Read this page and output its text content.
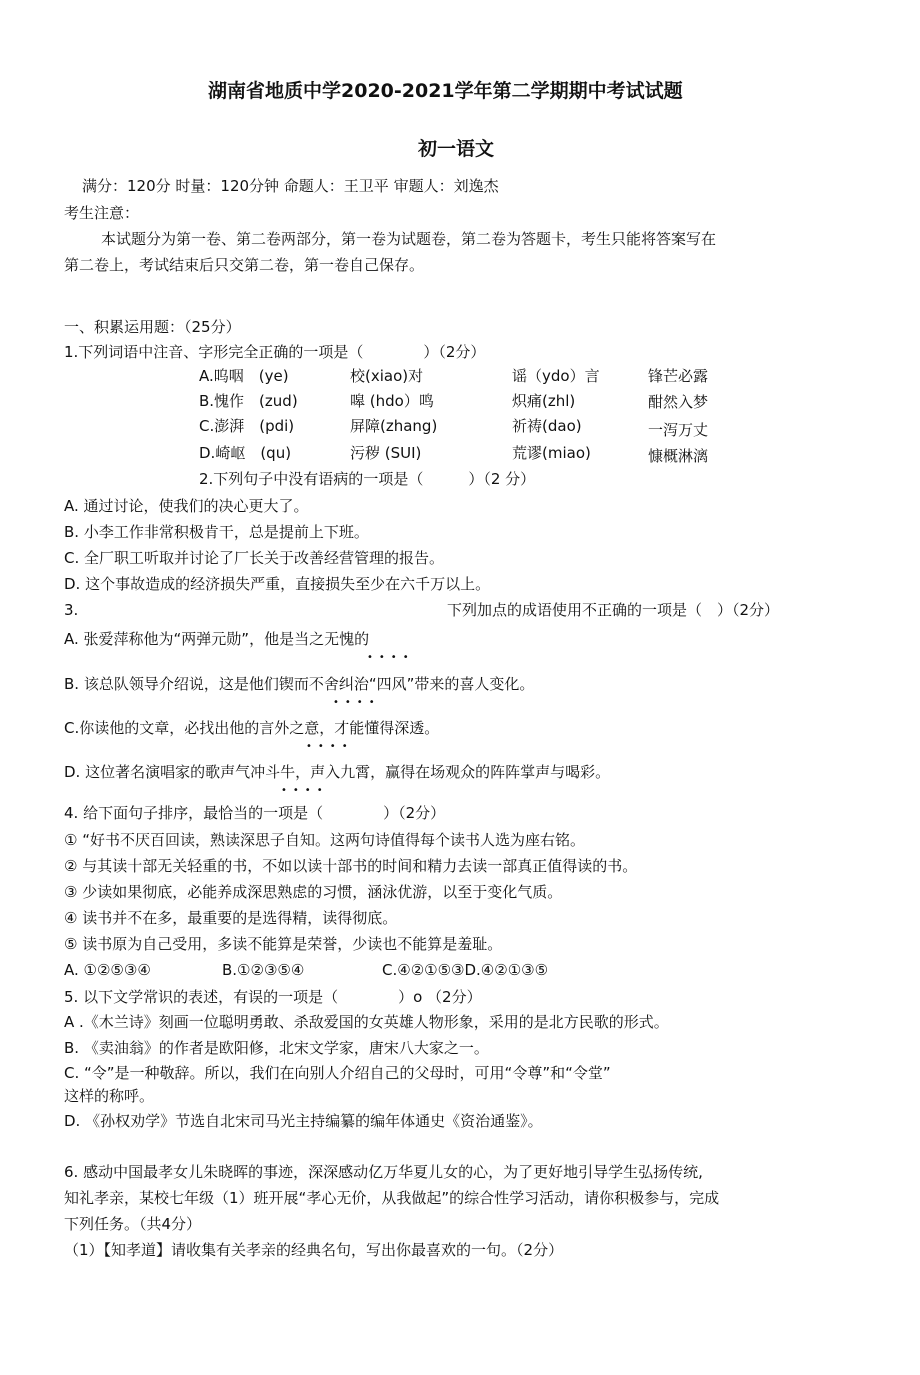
湖南省地质中学2020-2021学年第二学期期中考试试题
初一语文
满分：120分 时量：120分钟 命题人：王卫平 审题人：刘逸杰
考生注意：
本试题分为第一卷、第二卷两部分，第一卷为试题卷，第二卷为答题卡，考生只能将答案写在
第二卷上，考试结束后只交第二卷，第一卷自己保存。
一、积累运用题：（25分）
1.下列词语中注音、字形完全正确的一项是（　　　　）（2分）
A.呜咽　(ye)	校(xiao)对	谣（ydo）言	锋芒必露
B.愧作　(zud)	嗥 (hdo）鸣	炽痛(zhl)	酣然入梦
C.澎湃　(pdi)	屏障(zhang)	祈祷(dao)	一泻万丈
D.崎岖　(qu)	污秽 (SUI)	荒谬(miao)	慷概淋漓
2.下列句子中没有语病的一项是（　　　）（2 分）
A. 通过讨论，使我们的决心更大了。
B. 小李工作非常积极肯干，总是提前上下班。
C. 全厂职工听取并讨论了厂长关于改善经营管理的报告。
D. 这个事故造成的经济损失严重，直接损失至少在六千万以上。
3.	下列加点的成语使用不正确的一项是（　）（2分）
A. 张爱萍称他为“两弹元勋”，他是当之无愧的
••••
B. 该总队领导介绍说，这是他们锲而不舍纠治“四风”带来的喜人变化。
••••
C.你读他的文章，必找出他的言外之意，才能懂得深透。
••••
D. 这位著名演唱家的歌声气冲斗牛，声入九霄，赢得在场观众的阵阵掌声与喝彩。
••••
4. 给下面句子排序，最恰当的一项是（　　　　）（2分）
① “好书不厌百回读，熟读深思子自知。这两句诗值得每个读书人选为座右铭。
② 与其读十部无关轻重的书，不如以读十部书的时间和精力去读一部真正值得读的书。
③ 少读如果彻底，必能养成深思熟虑的习惯，涵泳优游，以至于变化气质。
④ 读书并不在多，最重要的是选得精，读得彻底。
⑤ 读书原为自己受用，多读不能算是荣誉，少读也不能算是羞耻。
A. ①②⑤③④	B.①②③⑤④	C.④②①⑤③D.④②①③⑤
5. 以下文学常识的表述，有误的一项是（　　　　）o （2分）
A .《木兰诗》刻画一位聪明勇敢、杀敌爱国的女英雄人物形象，采用的是北方民歌的形式。
B. 《卖油翁》的作者是欧阳修，北宋文学家，唐宋八大家之一。
C. “令”是一种敬辞。所以，我们在向别人介绍自己的父母时，可用“令尊”和“令堂”
这样的称呼。
D. 《孙权劝学》节选自北宋司马光主持编纂的编年体通史《资治通鉴》。
6. 感动中国最孝女儿朱晓晖的事迹，深深感动亿万华夏儿女的心，为了更好地引导学生弘扬传统,
知礼孝亲，某校七年级（1）班开展“孝心无价，从我做起”的综合性学习活动，请你积极参与，完成
下列任务。（共4分）
（1）【知孝道】请收集有关孝亲的经典名句，写出你最喜欢的一句。（2分）
